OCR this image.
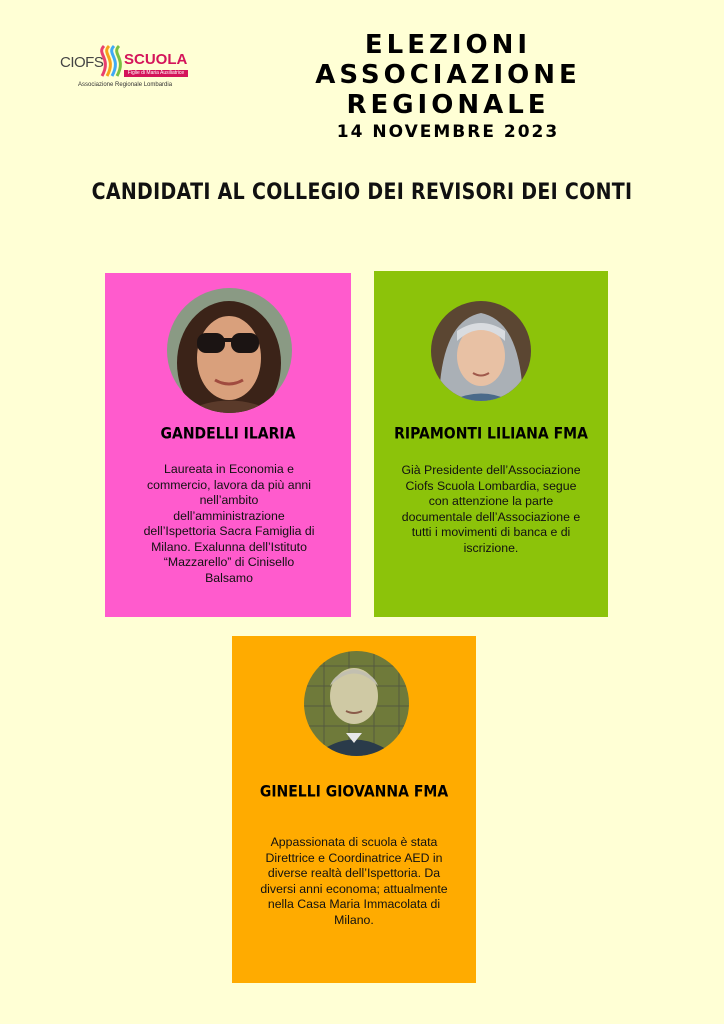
CIOFS SCUOLA
Figlie di Maria Ausiliatrice
Associazione Regionale Lombardia
ELEZIONI ASSOCIAZIONE
REGIONALE
14 NOVEMBRE 2023
CANDIDATI AL COLLEGIO DEI REVISORI DEI CONTI
GANDELLI ILARIA
Laureata in Economia e commercio, lavora da più anni nell’ambito dell’amministrazione dell’Ispettoria Sacra Famiglia di Milano. Exalunna dell’Istituto “Mazzarello” di Cinisello Balsamo
RIPAMONTI LILIANA FMA
Già Presidente dell’Associazione Ciofs Scuola Lombardia, segue con attenzione la parte documentale dell’Associazione e tutti i movimenti di banca e di iscrizione.
GINELLI GIOVANNA FMA
Appassionata di scuola è stata Direttrice e Coordinatrice AED in diverse realtà dell’Ispettoria. Da diversi anni economa; attualmente nella Casa Maria Immacolata di Milano.
